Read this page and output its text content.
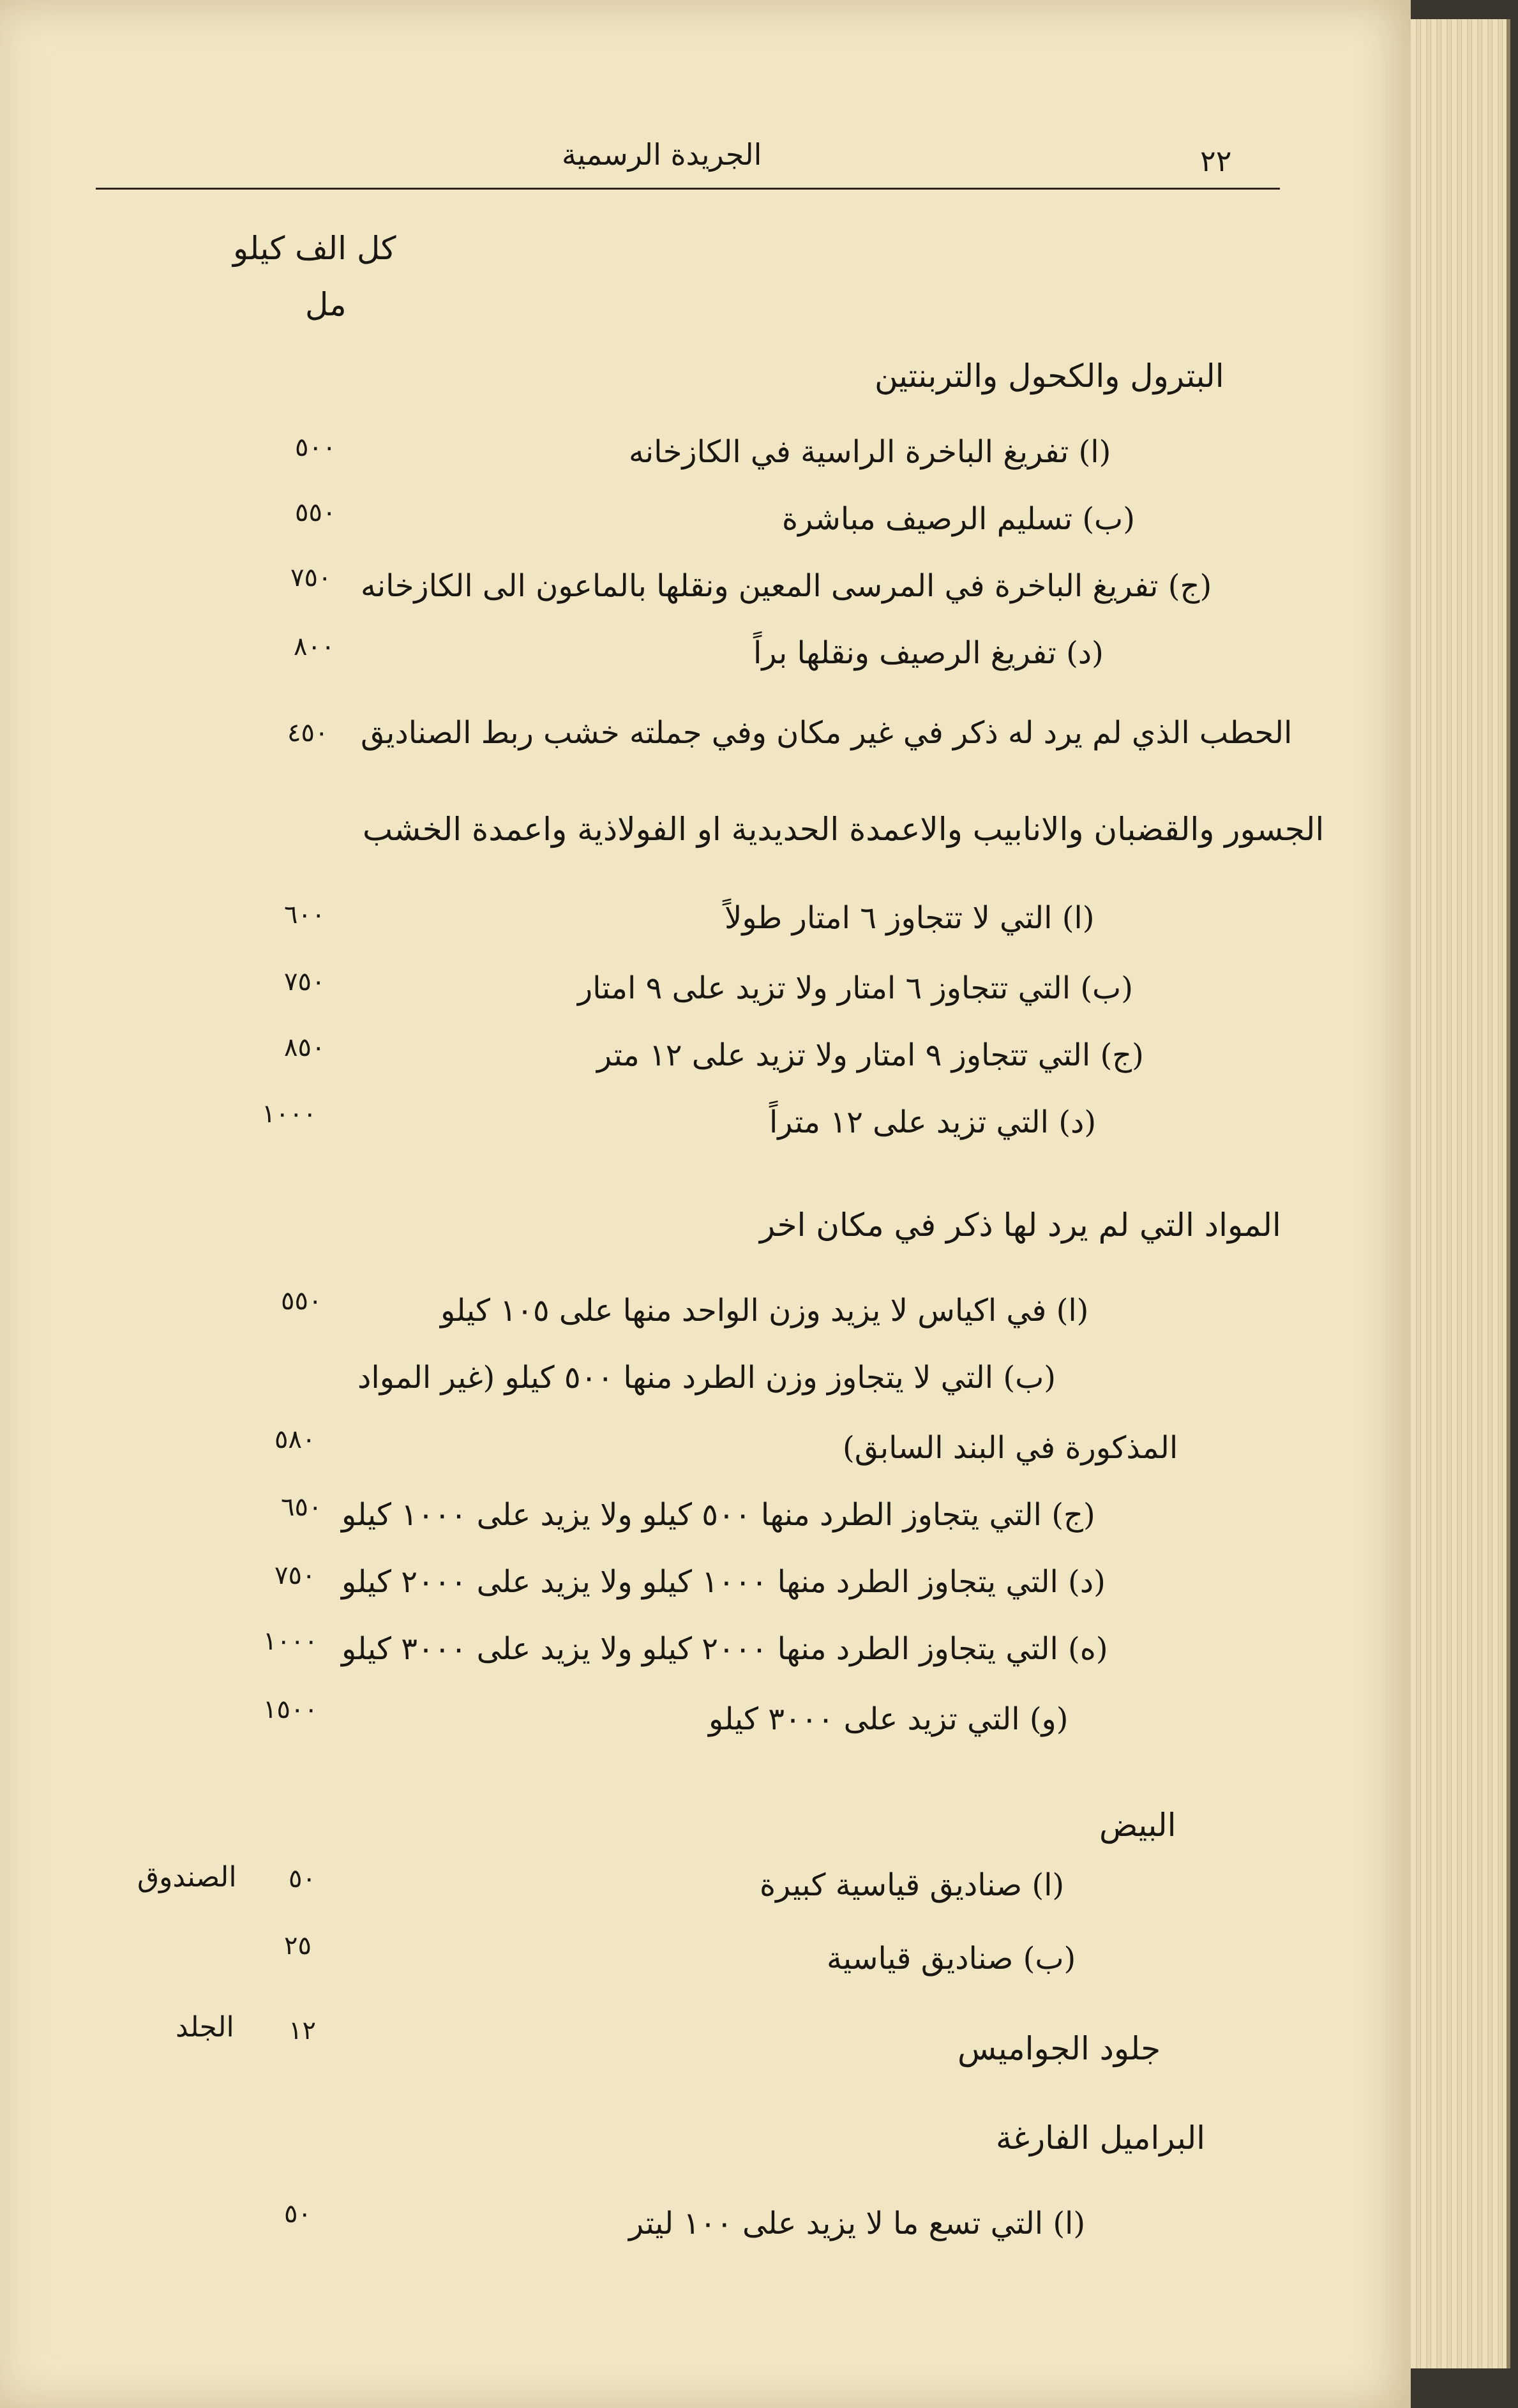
٢٢
الجريدة الرسمية
كل الف كيلو
مل
البترول والكحول والتربنتين
(ا) تفريغ الباخرة الراسية في الكازخانه
٥٠٠
(ب) تسليم الرصيف مباشرة
٥٥٠
(ج) تفريغ الباخرة في المرسى المعين ونقلها بالماعون الى الكازخانه
٧٥٠
(د) تفريغ الرصيف ونقلها براً
٨٠٠
الحطب الذي لم يرد له ذكر في غير مكان وفي جملته خشب ربط الصناديق
٤٥٠
الجسور والقضبان والانابيب والاعمدة الحديدية او الفولاذية واعمدة الخشب
(ا) التي لا تتجاوز ٦ امتار طولاً
٦٠٠
(ب) التي تتجاوز ٦ امتار ولا تزيد على ٩ امتار
٧٥٠
(ج) التي تتجاوز ٩ امتار ولا تزيد على ١٢ متر
٨٥٠
(د) التي تزيد على ١٢ متراً
١٠٠٠
المواد التي لم يرد لها ذكر في مكان اخر
(ا) في اكياس لا يزيد وزن الواحد منها على ١٠٥ كيلو
٥٥٠
(ب) التي لا يتجاوز وزن الطرد منها ٥٠٠ كيلو (غير المواد
المذكورة في البند السابق)
٥٨٠
(ج) التي يتجاوز الطرد منها ٥٠٠ كيلو ولا يزيد على ١٠٠٠ كيلو
٦٥٠
(د) التي يتجاوز الطرد منها ١٠٠٠ كيلو ولا يزيد على ٢٠٠٠ كيلو
٧٥٠
(ه) التي يتجاوز الطرد منها ٢٠٠٠ كيلو ولا يزيد على ٣٠٠٠ كيلو
١٠٠٠
(و) التي تزيد على ٣٠٠٠ كيلو
١٥٠٠
البيض
(ا) صناديق قياسية كبيرة
٥٠
الصندوق
(ب) صناديق قياسية
٢٥
جلود الجواميس
١٢
الجلد
البراميل الفارغة
(ا) التي تسع ما لا يزيد على ١٠٠ ليتر
٥٠
